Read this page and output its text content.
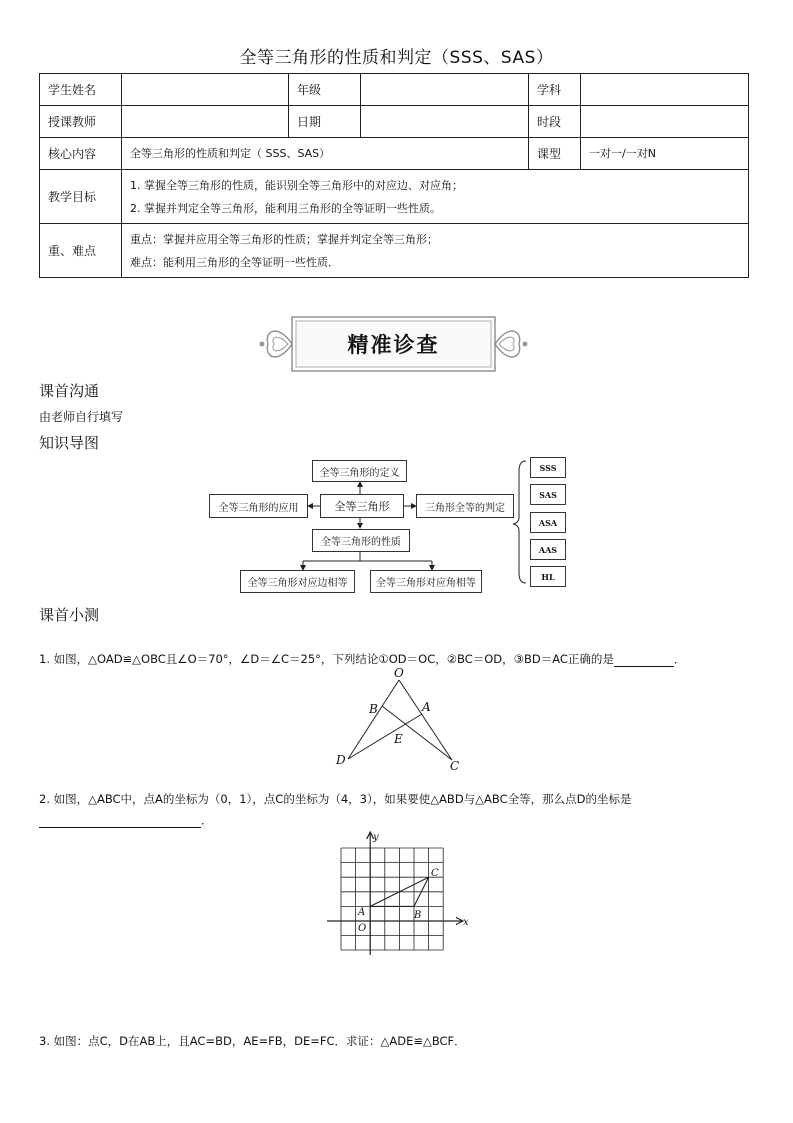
全等三角形的性质和判定（SSS、SAS）
学生姓名		年级		学科	
授课教师		日期		时段	
核心内容	全等三角形的性质和判定（ SSS、SAS）			课型	一对一/一对N
教学目标	1. 掌握全等三角形的性质，能识别全等三角形中的对应边、对应角；
2. 掌握并判定全等三角形，能利用三角形的全等证明一些性质。				

重、难点	重点：掌握并应用全等三角形的性质；掌握并判定全等三角形；
难点：能利用三角形的全等证明一些性质．				
精准诊查
课首沟通
由老师自行填写
知识导图
全等三角形的定义
全等三角形
全等三角形的应用	三角形全等的判定
全等三角形的性质
全等三角形对应边相等	全等三角形对应角相等
SSS
SAS
ASA
AAS
HL
课首小测
1. 如图，△OAD≌△OBC且∠O＝70°，∠D＝∠C＝25°，下列结论①OD＝OC，②BC＝OD，③BD＝AC正确的是	．
O
B	A
E
D	C
2. 如图，△ABC中，点A的坐标为（0，1），点C的坐标为（4，3），如果要使△ABD与△ABC全等，那么点D的坐标是
．
y
x
O
A	B
C
3. 如图：点C，D在AB上，且AC=BD，AE=FB，DE=FC．求证：△ADE≌△BCF．
